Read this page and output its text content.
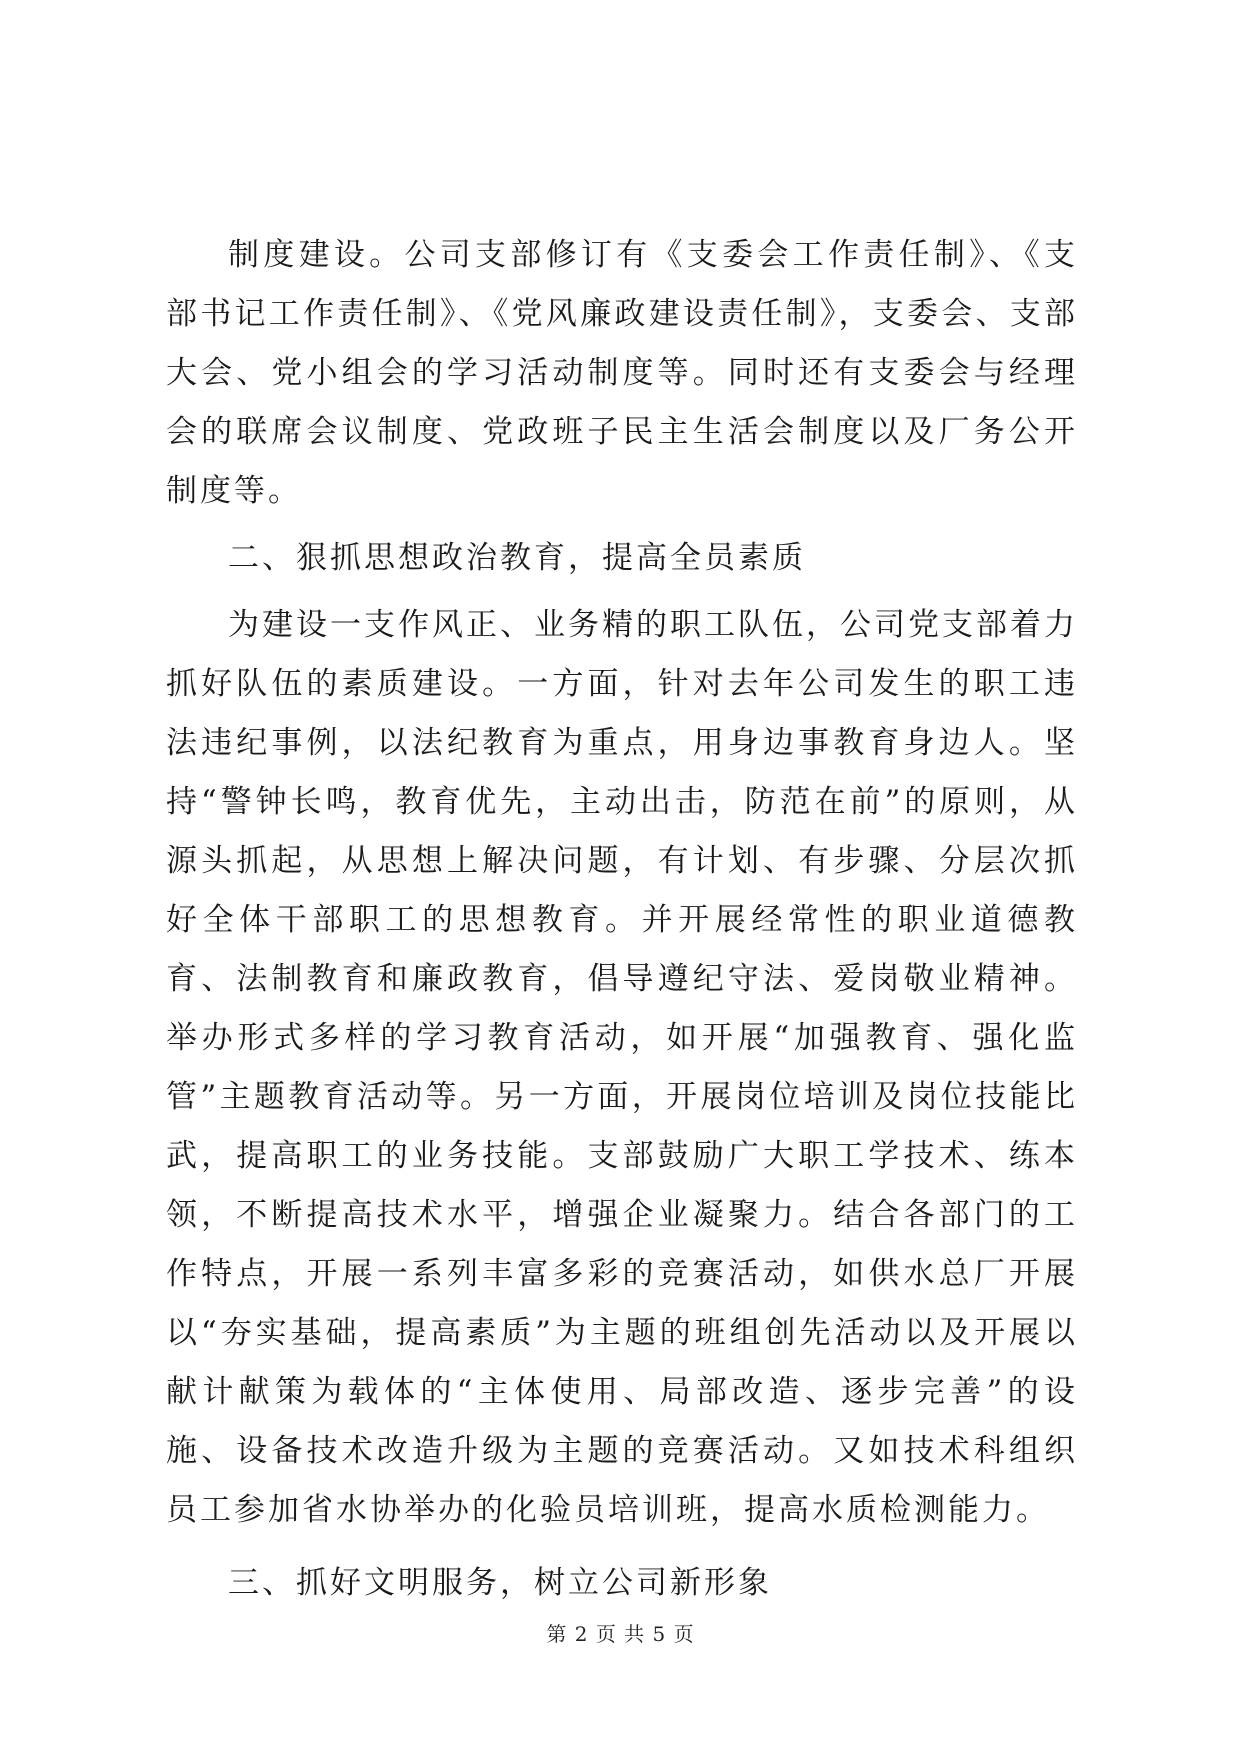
制度建设。公司支部修订有《支委会工作责任制》、《支部书记工作责任制》、《党风廉政建设责任制》，支委会、支部大会、党小组会的学习活动制度等。同时还有支委会与经理会的联席会议制度、党政班子民主生活会制度以及厂务公开制度等。

二、狠抓思想政治教育，提高全员素质

为建设一支作风正、业务精的职工队伍，公司党支部着力抓好队伍的素质建设。一方面，针对去年公司发生的职工违法违纪事例，以法纪教育为重点，用身边事教育身边人。坚持“警钟长鸣，教育优先，主动出击，防范在前”的原则，从源头抓起，从思想上解决问题，有计划、有步骤、分层次抓好全体干部职工的思想教育。并开展经常性的职业道德教育、法制教育和廉政教育，倡导遵纪守法、爱岗敬业精神。举办形式多样的学习教育活动，如开展“加强教育、强化监管”主题教育活动等。另一方面，开展岗位培训及岗位技能比武，提高职工的业务技能。支部鼓励广大职工学技术、练本领，不断提高技术水平，增强企业凝聚力。结合各部门的工作特点，开展一系列丰富多彩的竞赛活动，如供水总厂开展以“夯实基础，提高素质”为主题的班组创先活动以及开展以献计献策为载体的“主体使用、局部改造、逐步完善”的设施、设备技术改造升级为主题的竞赛活动。又如技术科组织员工参加省水协举办的化验员培训班，提高水质检测能力。

三、抓好文明服务，树立公司新形象

第 2 页 共 5 页
